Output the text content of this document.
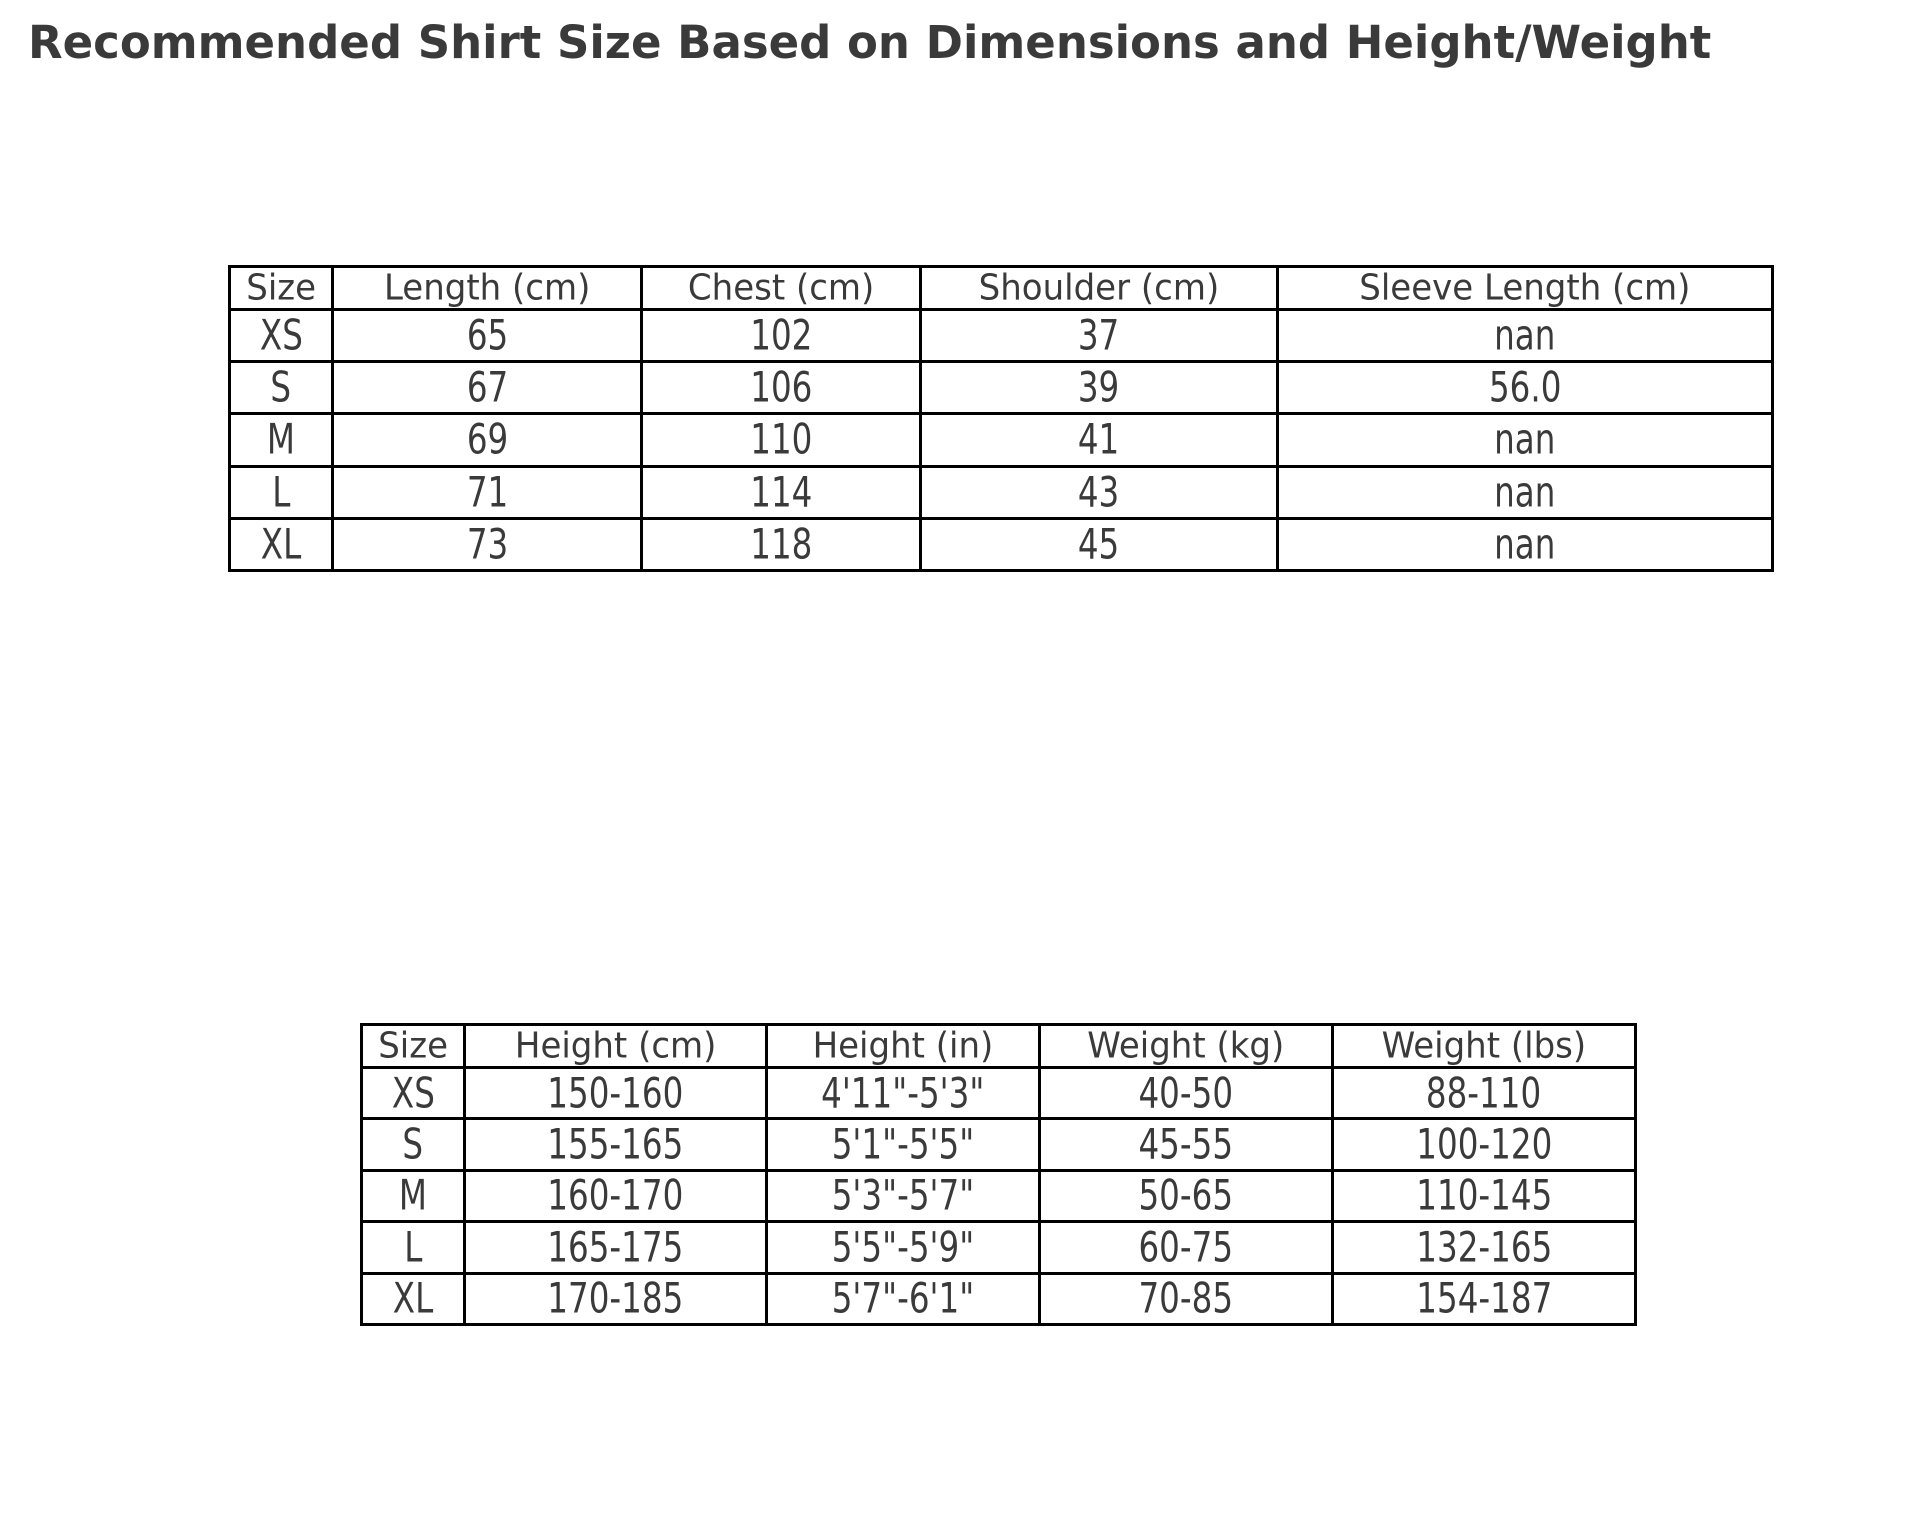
Recommended Shirt Size Based on Dimensions and Height/Weight
Size	Length (cm)	Chest (cm)	Shoulder (cm)	Sleeve Length (cm)
XS	65	102	37	nan
S	67	106	39	56.0
M	69	110	41	nan
L	71	114	43	nan
XL	73	118	45	nan
Size	Height (cm)	Height (in)	Weight (kg)	Weight (lbs)
XS	150-160	4'11"-5'3"	40-50	88-110
S	155-165	5'1"-5'5"	45-55	100-120
M	160-170	5'3"-5'7"	50-65	110-145
L	165-175	5'5"-5'9"	60-75	132-165
XL	170-185	5'7"-6'1"	70-85	154-187
